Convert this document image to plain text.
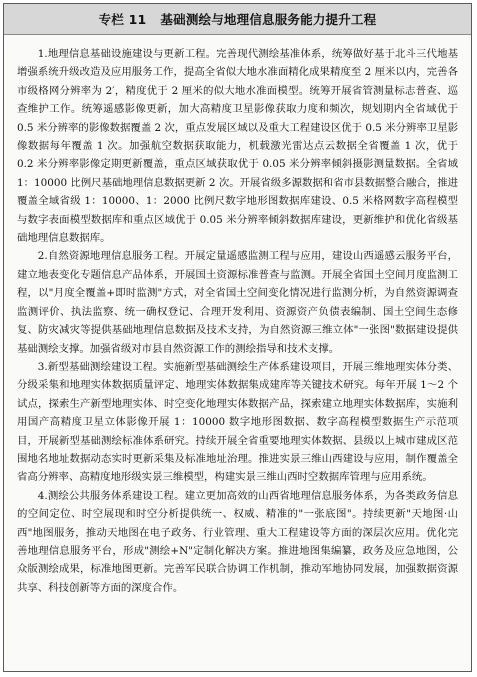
专栏 11 基础测绘与地理信息服务能力提升工程

1.地理信息基础设施建设与更新工程。完善现代测绘基准体系，统筹做好基于北斗三代地基增强系统升级改造及应用服务工作，提高全省似大地水准面精化成果精度至 2 厘米以内，完善各市级格网分辨率为 2′，精度优于 2 厘米的似大地水准面模型。统筹开展省管测量标志普查、巡查维护工作。统筹遥感影像更新，加大高精度卫星影像获取力度和频次，规划期内全省域优于 0.5 米分辨率的影像数据覆盖 2 次，重点发展区域以及重大工程建设区优于 0.5 米分辨率卫星影像数据每年覆盖 1 次。加强航空数据获取能力，机载激光雷达点云数据全省覆盖 1 次，优于 0.2 米分辨率影像定期更新覆盖，重点区域获取优于 0.05 米分辨率倾斜摄影测量数据。全省域 1：10000 比例尺基础地理信息数据更新 2 次。开展省级多源数据和省市县数据整合融合，推进覆盖全域省级 1：10000、1：2000 比例尺数字地形图数据库建设、0.5 米格网数字高程模型与数字表面模型数据库和重点区域优于 0.05 米分辨率倾斜数据库建设，更新维护和优化省级基础地理信息数据库。

2.自然资源地理信息服务工程。开展定量遥感监测工程与应用，建设山西遥感云服务平台，建立地表变化专题信息产品体系，开展国土资源标准普查与监测。开展全省国土空间月度监测工程，以"月度全覆盖+即时监测"方式，对全省国土空间变化情况进行监测分析，为自然资源调查监测评价、执法监察、统一确权登记、合理开发利用、资源资产负债表编制、国土空间生态修复、防灾减灾等提供基础地理信息数据及技术支持，为自然资源三维立体"一张图"数据建设提供基础测绘支撑。加强省级对市县自然资源工作的测绘指导和技术支撑。

3.新型基础测绘建设工程。实施新型基础测绘生产体系建设项目，开展三维地理实体分类、分级采集和地理实体数据质量评定、地理实体数据集成建库等关键技术研究。每年开展 1～2 个试点，探索生产新型地理实体、时空变化地理实体数据产品，探索建立地理实体数据库，实施利用国产高精度卫星立体影像开展 1：10000 数字地形图数据、数字高程模型数据生产示范项目，开展新型基础测绘标准体系研究。持续开展全省重要地理实体数据、县级以上城市建成区范围地名地址数据动态实时更新采集及标准地址治理。推进实景三维山西建设与应用，制作覆盖全省高分辨率、高精度地形级实景三维模型，构建实景三维山西时空数据库管理与应用系统。

4.测绘公共服务体系建设工程。建立更加高效的山西省地理信息服务体系，为各类政务信息的空间定位、时空展现和时空分析提供统一、权威、精准的"一张底图"。持续更新"天地图·山西"地图服务，推动天地图在电子政务、行业管理、重大工程建设等方面的深层次应用。优化完善地理信息服务平台，形成"测绘+N"定制化解决方案。推进地图集编纂，政务及应急地图，公众版测绘成果，标准地图更新。完善军民联合协调工作机制，推动军地协同发展，加强数据资源共享、科技创新等方面的深度合作。
